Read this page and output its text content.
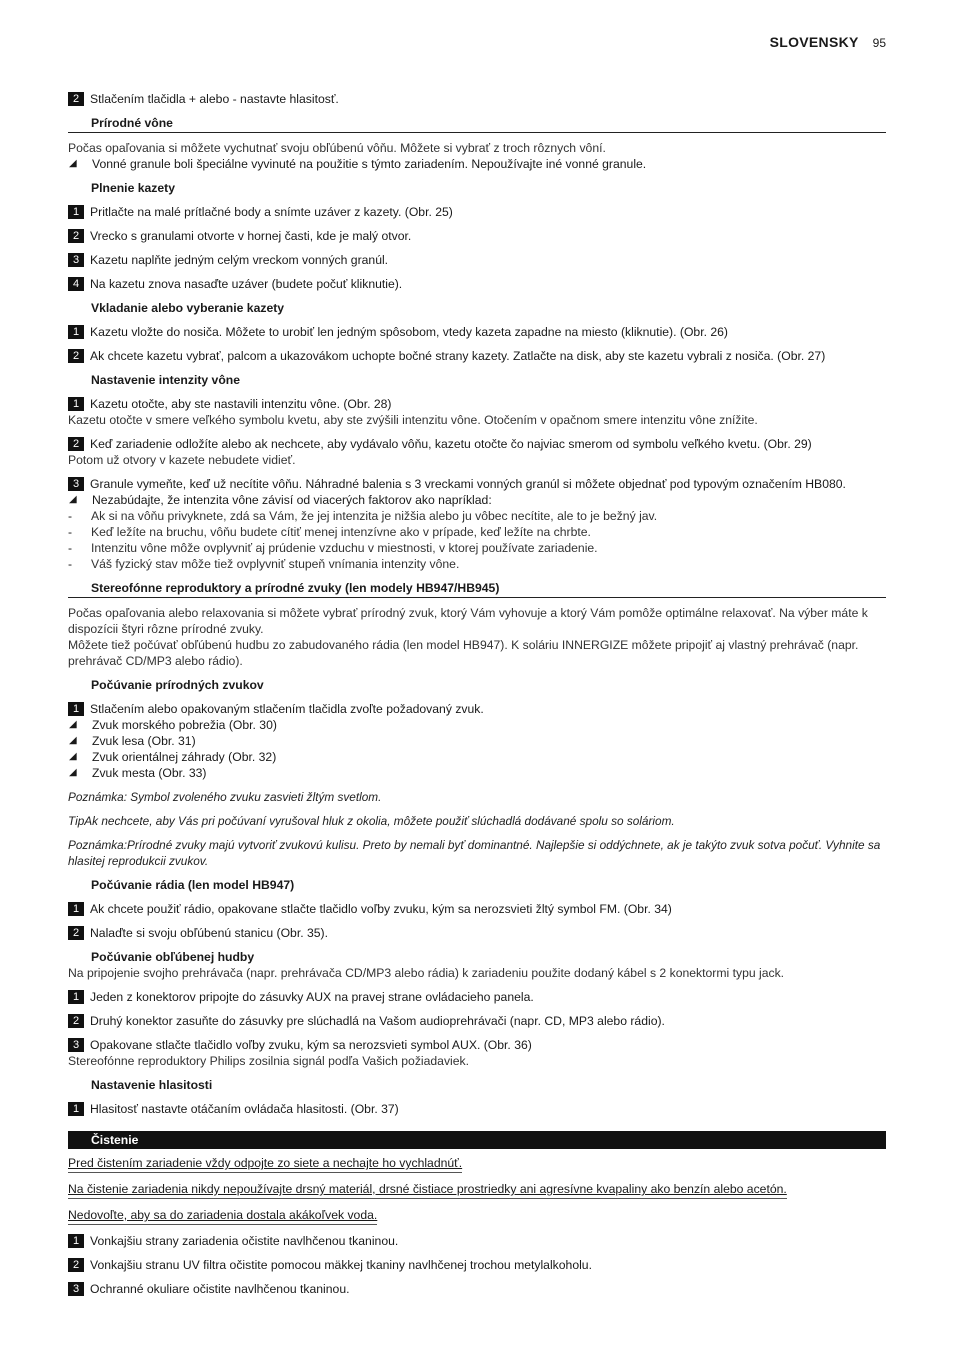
SLOVENSKY 95
2 Stlačením tlačidla + alebo - nastavte hlasitosť.
Prírodné vône
Počas opaľovania si môžete vychutnať svoju obľúbenú vôňu. Môžete si vybrať z troch rôznych vôní.
◢	Vonné granule boli špeciálne vyvinuté na použitie s týmto zariadením. Nepoužívajte iné vonné granule.
Plnenie kazety
1 Pritlačte na malé prítlačné body a snímte uzáver z kazety. (Obr. 25)
2 Vrecko s granulami otvorte v hornej časti, kde je malý otvor.
3 Kazetu naplňte jedným celým vreckom vonných granúl.
4 Na kazetu znova nasaďte uzáver (budete počuť kliknutie).
Vkladanie alebo vyberanie kazety
1 Kazetu vložte do nosiča. Môžete to urobiť len jedným spôsobom, vtedy kazeta zapadne na miesto (kliknutie). (Obr. 26)
2 Ak chcete kazetu vybrať, palcom a ukazovákom uchopte bočné strany kazety. Zatlačte na disk, aby ste kazetu vybrali z nosiča. (Obr. 27)
Nastavenie intenzity vône
1 Kazetu otočte, aby ste nastavili intenzitu vône. (Obr. 28)
Kazetu otočte v smere veľkého symbolu kvetu, aby ste zvýšili intenzitu vône. Otočením v opačnom smere intenzitu vône znížite.
2 Keď zariadenie odložíte alebo ak nechcete, aby vydávalo vôňu, kazetu otočte čo najviac smerom od symbolu veľkého kvetu. (Obr. 29)
Potom už otvory v kazete nebudete vidieť.
3 Granule vymeňte, keď už necítite vôňu. Náhradné balenia s 3 vreckami vonných granúl si môžete objednať pod typovým označením HB080.
◢	Nezabúdajte, že intenzita vône závisí od viacerých faktorov ako napríklad:
-	Ak si na vôňu privyknete, zdá sa Vám, že jej intenzita je nižšia alebo ju vôbec necítite, ale to je bežný jav.
-	Keď ležíte na bruchu, vôňu budete cítiť menej intenzívne ako v prípade, keď ležíte na chrbte.
-	Intenzitu vône môže ovplyvniť aj prúdenie vzduchu v miestnosti, v ktorej používate zariadenie.
-	Váš fyzický stav môže tiež ovplyvniť stupeň vnímania intenzity vône.
Stereofónne reproduktory a prírodné zvuky (len modely HB947/HB945)
Počas opaľovania alebo relaxovania si môžete vybrať prírodný zvuk, ktorý Vám vyhovuje a ktorý Vám pomôže optimálne relaxovať. Na výber máte k dispozícii štyri rôzne prírodné zvuky.
Môžete tiež počúvať obľúbenú hudbu zo zabudovaného rádia (len model HB947). K soláriu INNERGIZE môžete pripojiť aj vlastný prehrávač (napr. prehrávač CD/MP3 alebo rádio).
Počúvanie prírodných zvukov
1 Stlačením alebo opakovaným stlačením tlačidla zvoľte požadovaný zvuk.
◢	Zvuk morského pobrežia (Obr. 30)
◢	Zvuk lesa (Obr. 31)
◢	Zvuk orientálnej záhrady (Obr. 32)
◢	Zvuk mesta (Obr. 33)
Poznámka: Symbol zvoleného zvuku zasvieti žltým svetlom.
TipAk nechcete, aby Vás pri počúvaní vyrušoval hluk z okolia, môžete použiť slúchadlá dodávané spolu so soláriom.
Poznámka:Prírodné zvuky majú vytvoriť zvukovú kulisu. Preto by nemali byť dominantné. Najlepšie si oddýchnete, ak je takýto zvuk sotva počuť. Vyhnite sa hlasitej reprodukcii zvukov.
Počúvanie rádia (len model HB947)
1 Ak chcete použiť rádio, opakovane stlačte tlačidlo voľby zvuku, kým sa nerozsvieti žltý symbol FM. (Obr. 34)
2 Nalaďte si svoju obľúbenú stanicu (Obr. 35).
Počúvanie obľúbenej hudby
Na pripojenie svojho prehrávača (napr. prehrávača CD/MP3 alebo rádia) k zariadeniu použite dodaný kábel s 2 konektormi typu jack.
1 Jeden z konektorov pripojte do zásuvky AUX na pravej strane ovládacieho panela.
2 Druhý konektor zasuňte do zásuvky pre slúchadlá na Vašom audioprehrávači (napr. CD, MP3 alebo rádio).
3 Opakovane stlačte tlačidlo voľby zvuku, kým sa nerozsvieti symbol AUX. (Obr. 36)
Stereofónne reproduktory Philips zosilnia signál podľa Vašich požiadaviek.
Nastavenie hlasitosti
1 Hlasitosť nastavte otáčaním ovládača hlasitosti. (Obr. 37)
Čistenie
Pred čistením zariadenie vždy odpojte zo siete a nechajte ho vychladnúť.
Na čistenie zariadenia nikdy nepoužívajte drsný materiál, drsné čistiace prostriedky ani agresívne kvapaliny ako benzín alebo acetón.
Nedovoľte, aby sa do zariadenia dostala akákoľvek voda.
1 Vonkajšiu strany zariadenia očistite navlhčenou tkaninou.
2 Vonkajšiu stranu UV filtra očistite pomocou mäkkej tkaniny navlhčenej trochou metylalkoholu.
3 Ochranné okuliare očistite navlhčenou tkaninou.
